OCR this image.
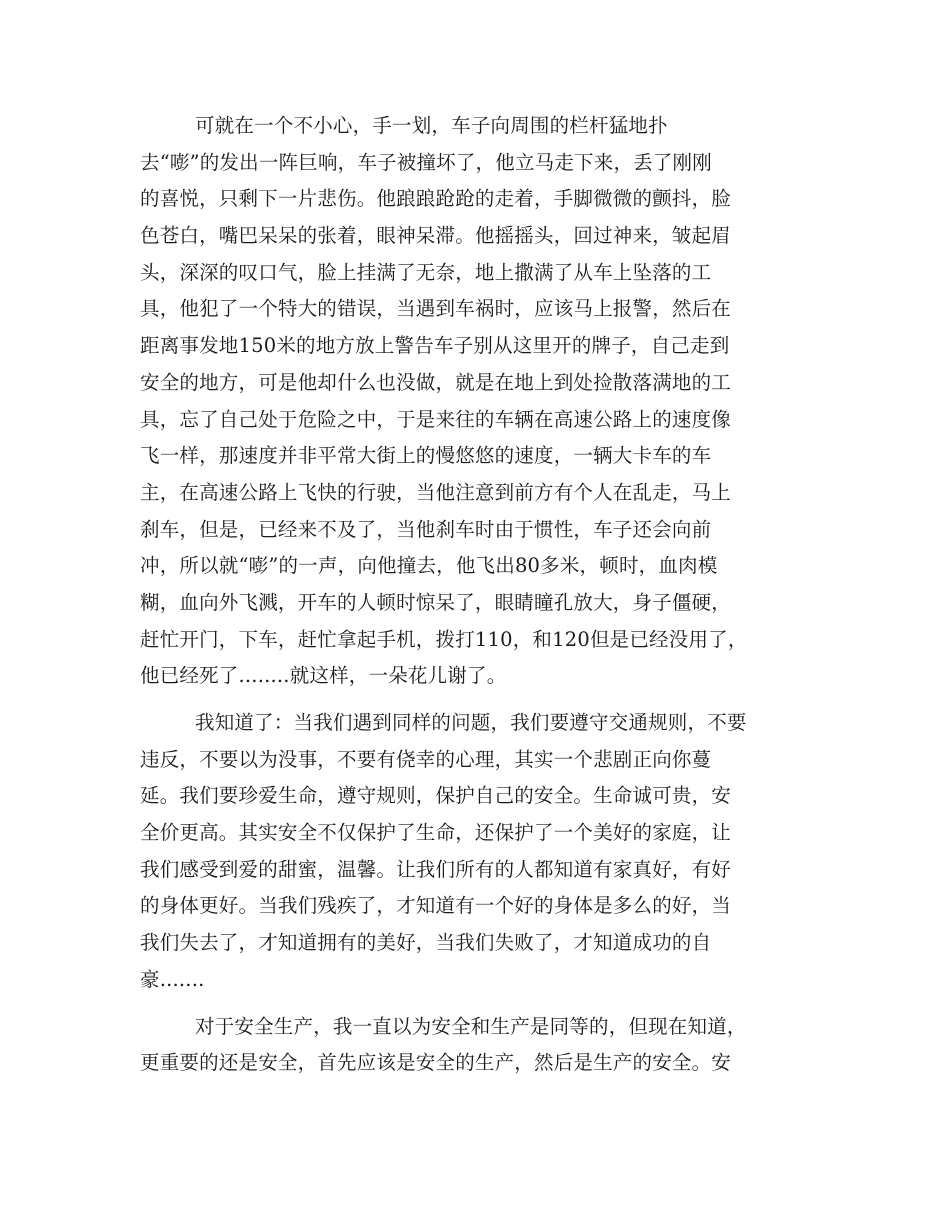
可就在一个不小心，手一划，车子向周围的栏杆猛地扑
去“嘭”的发出一阵巨响，车子被撞坏了，他立马走下来，丢了刚刚
的喜悦，只剩下一片悲伤。他踉踉跄跄的走着，手脚微微的颤抖，脸
色苍白，嘴巴呆呆的张着，眼神呆滞。他摇摇头，回过神来，皱起眉
头，深深的叹口气，脸上挂满了无奈，地上撒满了从车上坠落的工
具，他犯了一个特大的错误，当遇到车祸时，应该马上报警，然后在
距离事发地150米的地方放上警告车子别从这里开的牌子，自己走到
安全的地方，可是他却什么也没做，就是在地上到处捡散落满地的工
具，忘了自己处于危险之中，于是来往的车辆在高速公路上的速度像
飞一样，那速度并非平常大街上的慢悠悠的速度，一辆大卡车的车
主，在高速公路上飞快的行驶，当他注意到前方有个人在乱走，马上
刹车，但是，已经来不及了，当他刹车时由于惯性，车子还会向前
冲，所以就“嘭”的一声，向他撞去，他飞出80多米，顿时，血肉模
糊，血向外飞溅，开车的人顿时惊呆了，眼睛瞳孔放大，身子僵硬，
赶忙开门，下车，赶忙拿起手机，拨打110，和120但是已经没用了，
他已经死了........就这样，一朵花儿谢了。
我知道了：当我们遇到同样的问题，我们要遵守交通规则，不要
违反，不要以为没事，不要有侥幸的心理，其实一个悲剧正向你蔓
延。我们要珍爱生命，遵守规则，保护自己的安全。生命诚可贵，安
全价更高。其实安全不仅保护了生命，还保护了一个美好的家庭，让
我们感受到爱的甜蜜，温馨。让我们所有的人都知道有家真好，有好
的身体更好。当我们残疾了，才知道有一个好的身体是多么的好，当
我们失去了，才知道拥有的美好，当我们失败了，才知道成功的自
豪.......
对于安全生产，我一直以为安全和生产是同等的，但现在知道，
更重要的还是安全，首先应该是安全的生产，然后是生产的安全。安
